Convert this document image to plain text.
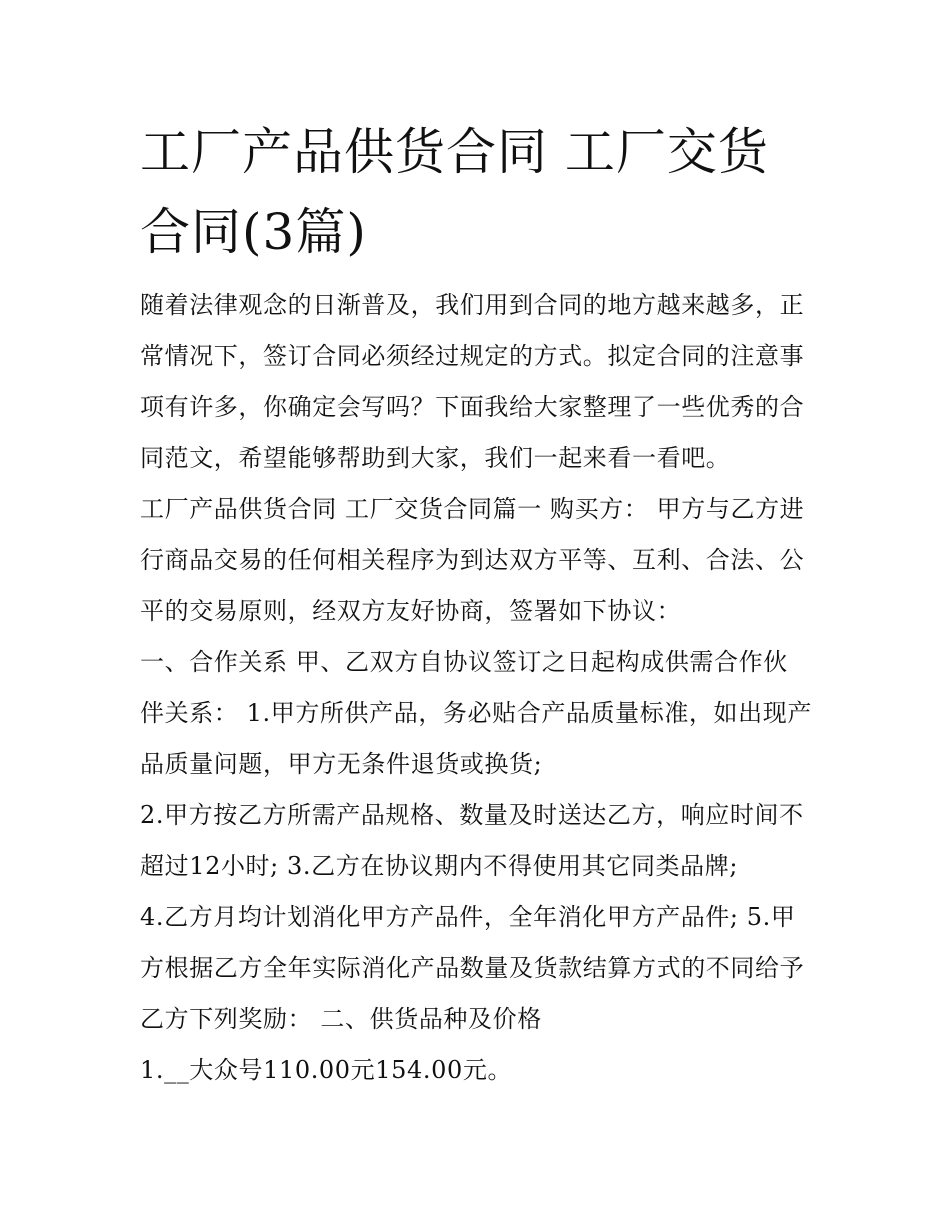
工厂产品供货合同 工厂交货合同(3篇)

随着法律观念的日渐普及，我们用到合同的地方越来越多，正常情况下，签订合同必须经过规定的方式。拟定合同的注意事项有许多，你确定会写吗？下面我给大家整理了一些优秀的合同范文，希望能够帮助到大家，我们一起来看一看吧。

工厂产品供货合同 工厂交货合同篇一 购买方： 甲方与乙方进行商品交易的任何相关程序为到达双方平等、互利、合法、公平的交易原则，经双方友好协商，签署如下协议：

一、合作关系 甲、乙双方自协议签订之日起构成供需合作伙伴关系： 1.甲方所供产品，务必贴合产品质量标准，如出现产品质量问题，甲方无条件退货或换货;

2.甲方按乙方所需产品规格、数量及时送达乙方，响应时间不超过12小时; 3.乙方在协议期内不得使用其它同类品牌;

4.乙方月均计划消化甲方产品件，全年消化甲方产品件; 5.甲方根据乙方全年实际消化产品数量及货款结算方式的不同给予乙方下列奖励： 二、供货品种及价格

1.__大众号110.00元154.00元。
